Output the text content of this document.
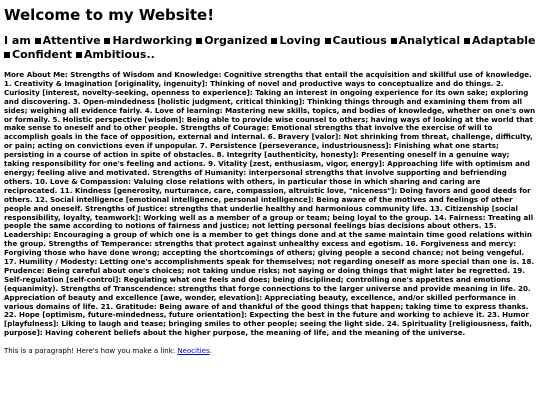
Welcome to my Website!

I am Attentive Hardworking Organized Loving Cautious Analytical Adaptable Confident Ambitious..

More About Me: Strengths of Wisdom and Knowledge: Cognitive strengths that entail the acquisition and skillful use of knowledge. 1. Creativity & Imagination [originality, ingenuity]: Thinking of novel and productive ways to conceptualize and do things. 2. Curiosity [interest, novelty-seeking, openness to experience]: Taking an interest in ongoing experience for its own sake; exploring and discovering. 3. Open-mindedness [holistic judgment, critical thinking]: Thinking things through and examining them from all sides; weighing all evidence fairly. 4. Love of learning: Mastering new skills, topics, and bodies of knowledge, whether on one's own or formally. 5. Holistic perspective [wisdom]: Being able to provide wise counsel to others; having ways of looking at the world that make sense to oneself and to other people. Strengths of Courage: Emotional strengths that involve the exercise of will to accomplish goals in the face of opposition, external and internal. 6. Bravery [valor]: Not shrinking from threat, challenge, difficulty, or pain; acting on convictions even if unpopular. 7. Persistence [perseverance, industriousness]: Finishing what one starts; persisting in a course of action in spite of obstacles. 8. Integrity [authenticity, honesty]: Presenting oneself in a genuine way; taking responsibility for one's feeling and actions. 9. Vitality [zest, enthusiasm, vigor, energy]: Approaching life with optimism and energy; feeling alive and motivated. Strengths of Humanity: interpersonal strengths that involve supporting and befriending others. 10. Love & Compassion: Valuing close relations with others, in particular those in which sharing and caring are reciprocated. 11. Kindness [generosity, nurturance, care, compassion, altruistic love, "niceness"]: Doing favors and good deeds for others. 12. Social intelligence [emotional intelligence, personal intelligence]: Being aware of the motives and feelings of other people and oneself. Strengths of Justice: strengths that underlie healthy and harmonious community life. 13. Citizenship [social responsibility, loyalty, teamwork]: Working well as a member of a group or team; being loyal to the group. 14. Fairness: Treating all people the same according to notions of fairness and justice; not letting personal feelings bias decisions about others. 15. Leadership: Encouraging a group of which one is a member to get things done and at the same maintain time good relations within the group. Strengths of Temperance: strengths that protect against unhealthy excess and egotism. 16. Forgiveness and mercy: Forgiving those who have done wrong; accepting the shortcomings of others; giving people a second chance; not being vengeful. 17. Humility / Modesty: Letting one's accomplishments speak for themselves; not regarding oneself as more special than one is. 18. Prudence: Being careful about one's choices; not taking undue risks; not saying or doing things that might later be regretted. 19. Self-regulation [self-control]: Regulating what one feels and does; being disciplined; controlling one's appetites and emotions (equanimity). Strengths of Transcendence: strengths that forge connections to the larger universe and provide meaning in life. 20. Appreciation of beauty and excellence [awe, wonder, elevation]: Appreciating beauty, excellence, and/or skilled performance in various domains of life. 21. Gratitude: Being aware of and thankful of the good things that happen; taking time to express thanks. 22. Hope [optimism, future-mindedness, future orientation]: Expecting the best in the future and working to achieve it. 23. Humor [playfulness]: Liking to laugh and tease; bringing smiles to other people; seeing the light side. 24. Spirituality [religiousness, faith, purpose]: Having coherent beliefs about the higher purpose, the meaning of life, and the meaning of the universe.

This is a paragraph! Here's how you make a link: Neocities.
